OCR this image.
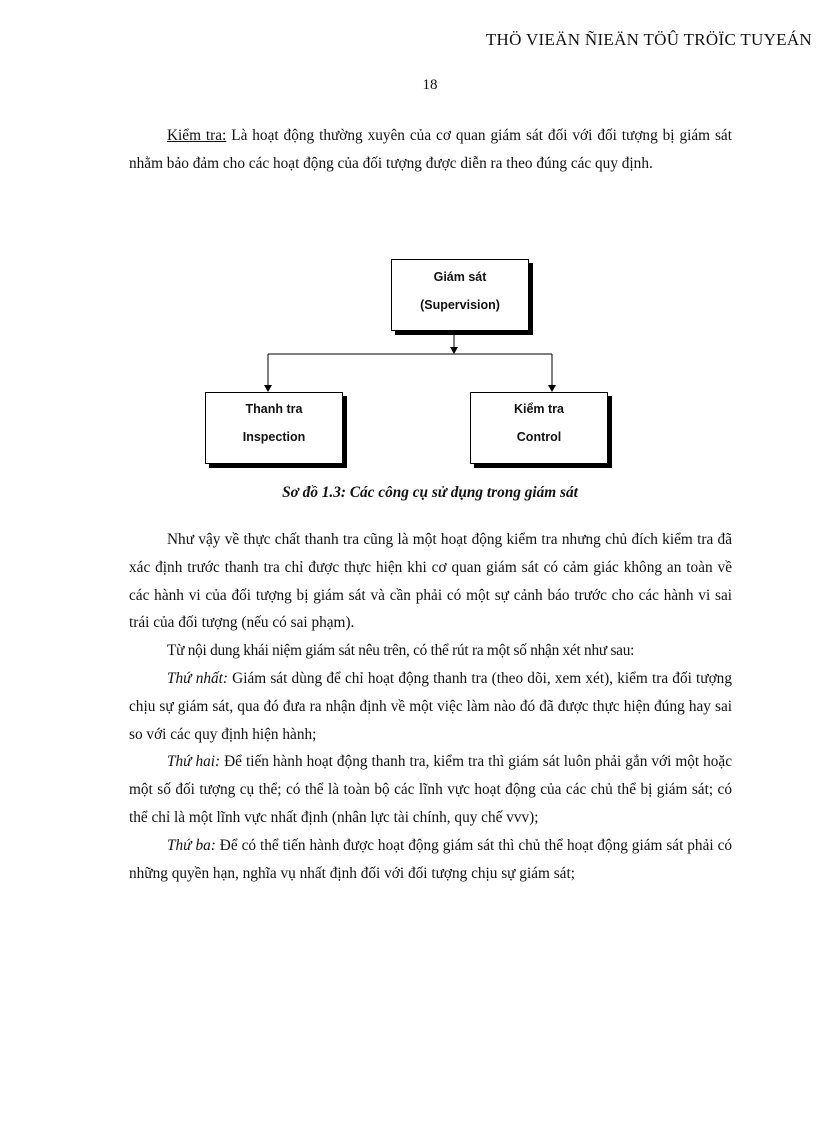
THÖ VIEÄN ÑIEÄN TÖÛ TRÖÏC TUYEÁN
18

Kiểm tra: Là hoạt động thường xuyên của cơ quan giám sát đối với đối tượng bị giám sát nhằm bảo đảm cho các hoạt động của đối tượng được diễn ra theo đúng các quy định.

Giám sát
(Supervision)
Thanh tra
Inspection
Kiểm tra
Control
Sơ đồ 1.3: Các công cụ sử dụng trong giám sát

Như vậy về thực chất thanh tra cũng là một hoạt động kiểm tra nhưng chủ đích kiểm tra đã xác định trước thanh tra chỉ được thực hiện khi cơ quan giám sát có cảm giác không an toàn về các hành vi của đối tượng bị giám sát và cần phải có một sự cảnh báo trước cho các hành vi sai trái của đối tượng (nếu có sai phạm).

Từ nội dung khái niệm giám sát nêu trên, có thể rút ra một số nhận xét như sau:

Thứ nhất: Giám sát dùng để chỉ hoạt động thanh tra (theo dõi, xem xét), kiểm tra đối tượng chịu sự giám sát, qua đó đưa ra nhận định về một việc làm nào đó đã được thực hiện đúng hay sai so với các quy định hiện hành;

Thứ hai: Để tiến hành hoạt động thanh tra, kiểm tra thì giám sát luôn phải gắn với một hoặc một số đối tượng cụ thể; có thể là toàn bộ các lĩnh vực hoạt động của các chủ thể bị giám sát; có thể chỉ là một lĩnh vực nhất định (nhân lực tài chính, quy chế vvv);

Thứ ba: Để có thể tiến hành được hoạt động giám sát thì chủ thể hoạt động giám sát phải có những quyền hạn, nghĩa vụ nhất định đối với đối tượng chịu sự giám sát;
